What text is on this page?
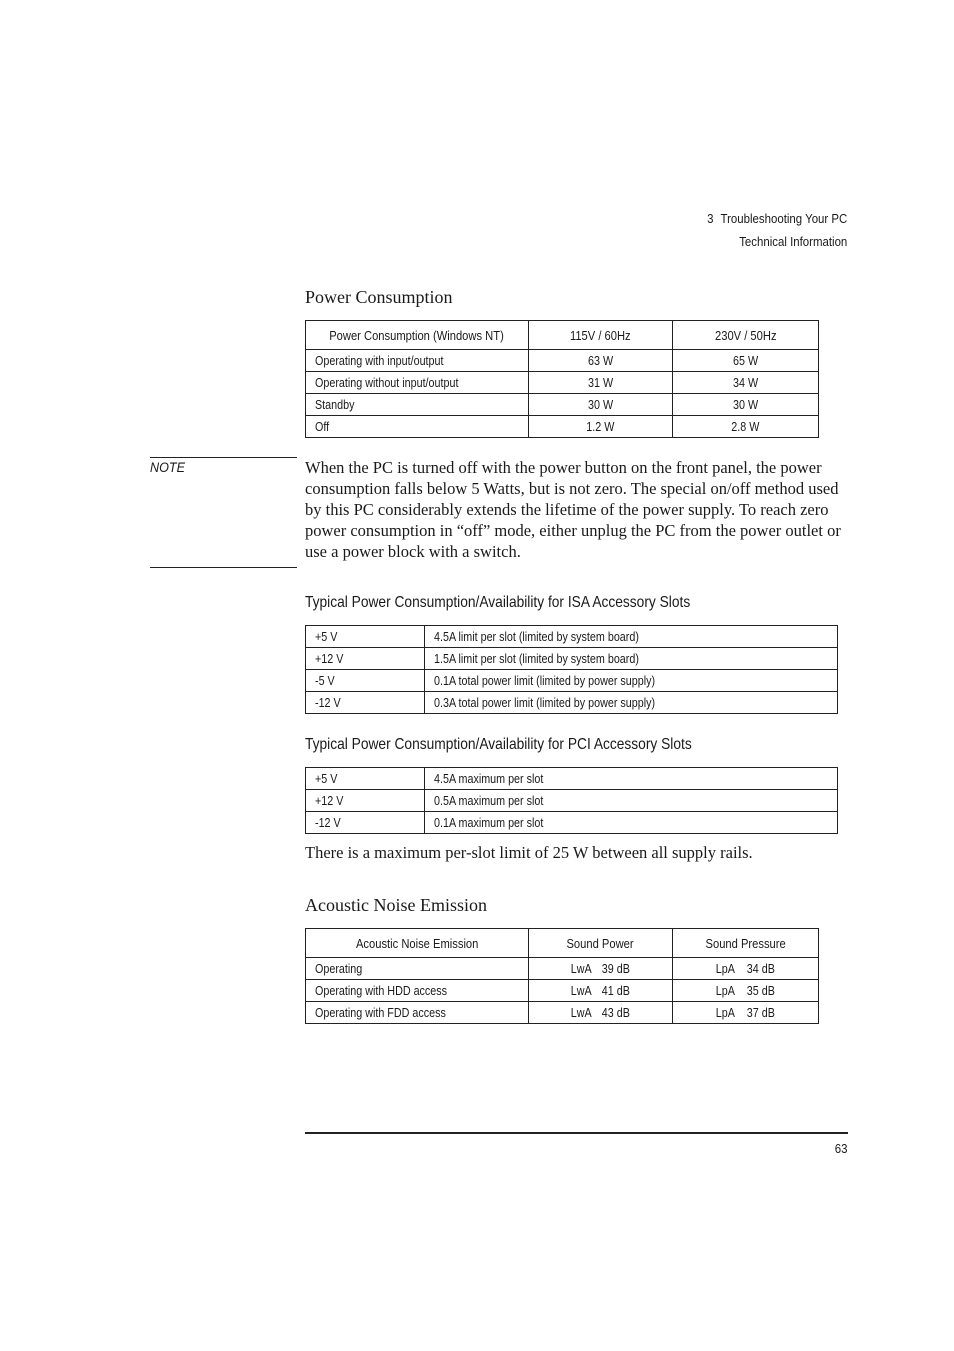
3 Troubleshooting Your PC
Technical Information
Power Consumption
Power Consumption (Windows NT)	115V / 60Hz	230V / 50Hz
Operating with input/output	63 W	65 W
Operating without input/output	31 W	34 W
Standby	30 W	30 W
Off	1.2 W	2.8 W
NOTE	When the PC is turned off with the power button on the front panel, the power consumption falls below 5 Watts, but is not zero. The special on/off method used by this PC considerably extends the lifetime of the power supply. To reach zero power consumption in “off” mode, either unplug the PC from the power outlet or use a power block with a switch.

Typical Power Consumption/Availability for ISA Accessory Slots
+5 V	4.5A limit per slot (limited by system board)
+12 V	1.5A limit per slot (limited by system board)
-5 V	0.1A total power limit (limited by power supply)
-12 V	0.3A total power limit (limited by power supply)
Typical Power Consumption/Availability for PCI Accessory Slots
+5 V	4.5A maximum per slot
+12 V	0.5A maximum per slot
-12 V	0.1A maximum per slot

There is a maximum per-slot limit of 25 W between all supply rails.

Acoustic Noise Emission
Acoustic Noise Emission	Sound Power	Sound Pressure
Operating	LwA 39 dB	LpA 34 dB
Operating with HDD access	LwA 41 dB	LpA 35 dB
Operating with FDD access	LwA 43 dB	LpA 37 dB
63
